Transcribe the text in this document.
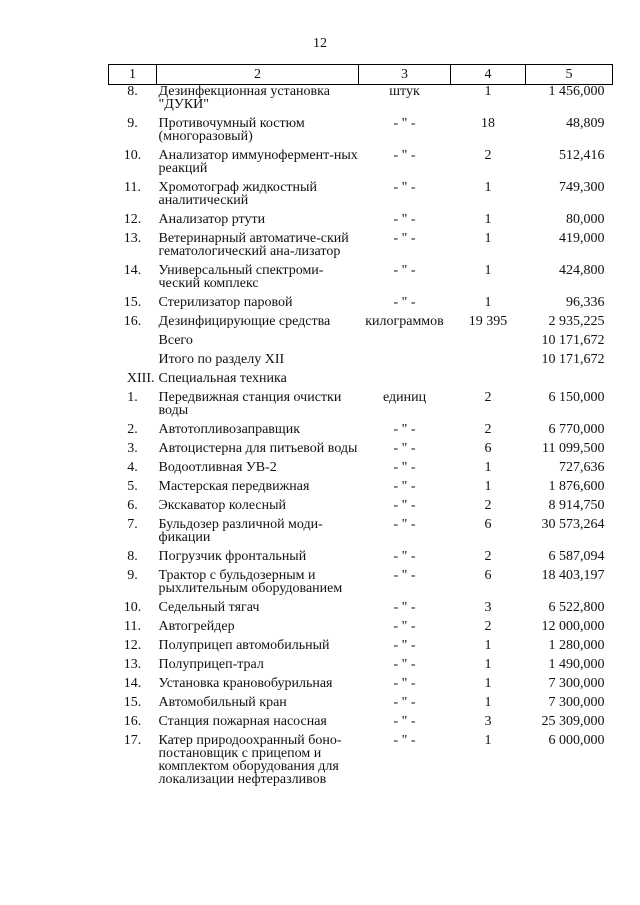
12
1	2	3	4	5
8.	Дезинфекционная установка "ДУКИ"	штук	1	1 456,000
9.	Противочумный костюм (многоразовый)	- " -	18	48,809
10.	Анализатор иммунофермент-ных реакций	- " -	2	512,416
11.	Хромотограф жидкостный аналитический	- " -	1	749,300
12.	Анализатор ртути	- " -	1	80,000
13.	Ветеринарный автоматиче-ский гематологический ана-лизатор	- " -	1	419,000
14.	Универсальный спектроми-ческий комплекс	- " -	1	424,800
15.	Стерилизатор паровой	- " -	1	96,336
16.	Дезинфицирующие средства	килограммов	19 395	2 935,225
	Всего			10 171,672
	Итого по разделу XII			10 171,672
XIII.	Специальная техника			
1.	Передвижная станция очистки воды	единиц	2	6 150,000
2.	Автотопливозаправщик	- " -	2	6 770,000
3.	Автоцистерна для питьевой воды	- " -	6	11 099,500
4.	Водоотливная УВ-2	- " -	1	727,636
5.	Мастерская передвижная	- " -	1	1 876,600
6.	Экскаватор колесный	- " -	2	8 914,750
7.	Бульдозер различной моди-фикации	- " -	6	30 573,264
8.	Погрузчик фронтальный	- " -	2	6 587,094
9.	Трактор с бульдозерным и рыхлительным оборудованием	- " -	6	18 403,197
10.	Седельный тягач	- " -	3	6 522,800
11.	Автогрейдер	- " -	2	12 000,000
12.	Полуприцеп автомобильный	- " -	1	1 280,000
13.	Полуприцеп-трал	- " -	1	1 490,000
14.	Установка крановобурильная	- " -	1	7 300,000
15.	Автомобильный кран	- " -	1	7 300,000
16.	Станция пожарная насосная	- " -	3	25 309,000
17.	Катер природоохранный боно-постановщик с прицепом и комплектом оборудования для локализации нефтеразливов	- " -	1	6 000,000
